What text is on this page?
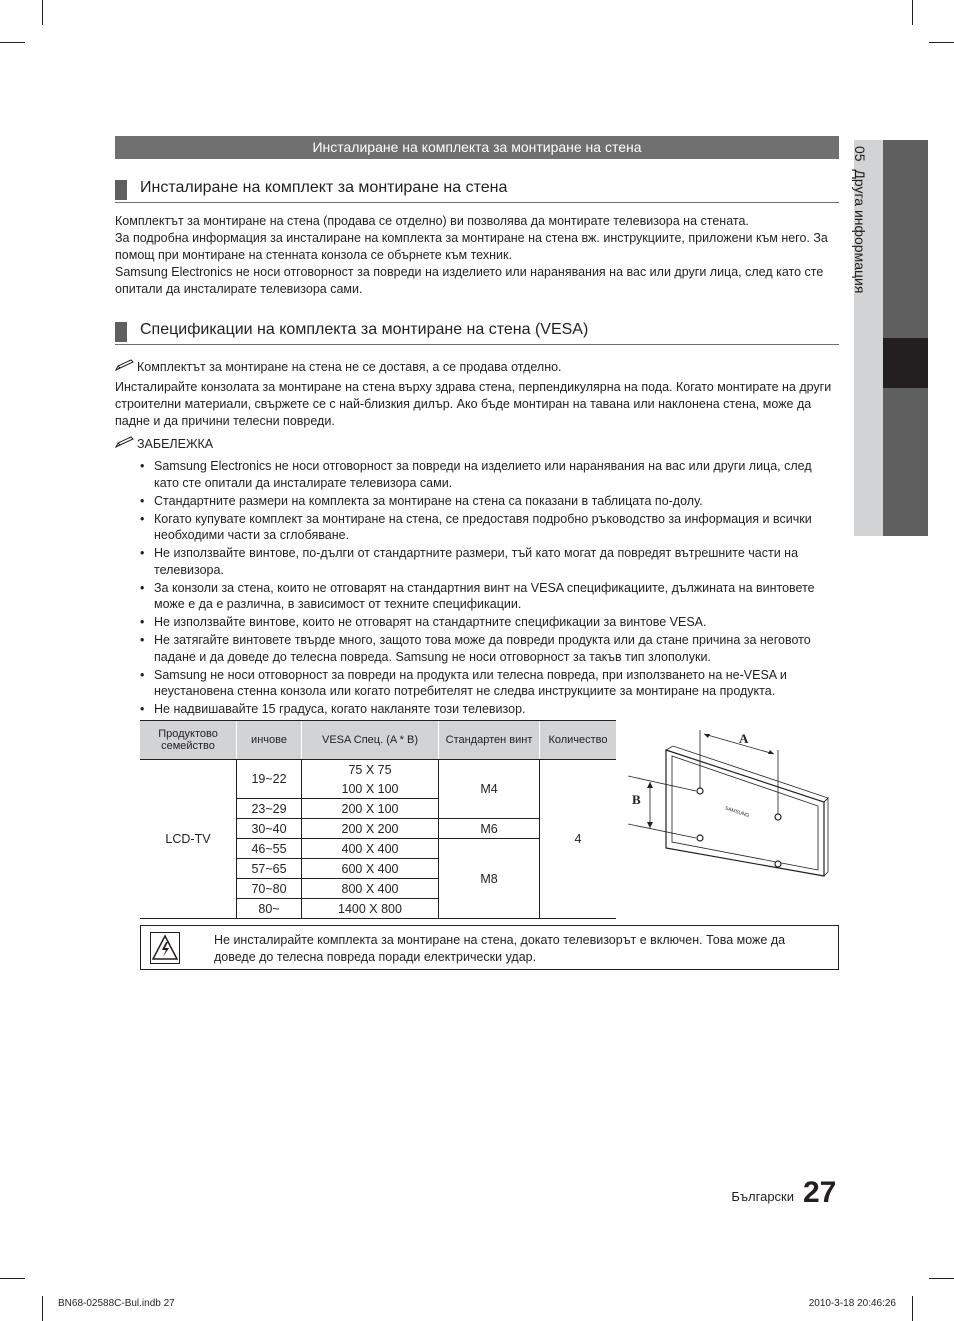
Инсталиране на комплекта за монтиране на стена
Инсталиране на комплект за монтиране на стена

Комплектът за монтиране на стена (продава се отделно) ви позволява да монтирате телевизора на стената.

За подробна информация за инсталиране на комплекта за монтиране на стена вж. инструкциите, приложени към него. За помощ при монтиране на стенната конзола се обърнете към техник.

Samsung Electronics не носи отговорност за повреди на изделието или наранявания на вас или други лица, след като сте опитали да инсталирате телевизора сами.

Спецификации на комплекта за монтиране на стена (VESA)
Комплектът за монтиране на стена не се доставя, а се продава отделно.
Инсталирайте конзолата за монтиране на стена върху здрава стена, перпендикулярна на пода. Когато монтирате на други строителни материали, свържете се с най-близкия дилър. Ако бъде монтиран на тавана или наклонена стена, може да падне и да причини телесни повреди.
ЗАБЕЛЕЖКА
• Samsung Electronics не носи отговорност за повреди на изделието или наранявания на вас или други лица, след като сте опитали да инсталирате телевизора сами.
• Стандартните размери на комплекта за монтиране на стена са показани в таблицата по-долу.
• Когато купувате комплект за монтиране на стена, се предоставя подробно ръководство за информация и всички необходими части за сглобяване.
• Не използвайте винтове, по-дълги от стандартните размери, тъй като могат да повредят вътрешните части на телевизора.
• За конзоли за стена, които не отговарят на стандартния винт на VESA спецификациите, дължината на винтовете може е да е различна, в зависимост от техните спецификации.
• Не използвайте винтове, които не отговарят на стандартните спецификации за винтове VESA.
• Не затягайте винтовете твърде много, защото това може да повреди продукта или да стане причина за неговото падане и да доведе до телесна повреда. Samsung не носи отговорност за такъв тип злополуки.
• Samsung не носи отговорност за повреди на продукта или телесна повреда, при използването на не-VESA и неустановена стенна конзола или когато потребителят не следва инструкциите за монтиране на продукта.
• Не надвишавайте 15 градуса, когато накланяте този телевизор.
Продуктово семейство	инчове	VESA Спец. (A * B)	Стандартен винт	Количество
LCD-TV	19~22	75 X 75	M4	4
		100 X 100		
	23~29	200 X 100		
	30~40	200 X 200	M6	
	46~55	400 X 400	M8	
	57~65	600 X 400		
	70~80	800 X 400		
	80~	1400 X 800		
SAMSUNG
A
B
Не инсталирайте комплекта за монтиране на стена, докато телевизорът е включен. Това може да доведе до телесна повреда поради електрически удар.
05  Друга информация
Български 27
BN68-02588C-Bul.indb 27	2010-3-18 20:46:26
